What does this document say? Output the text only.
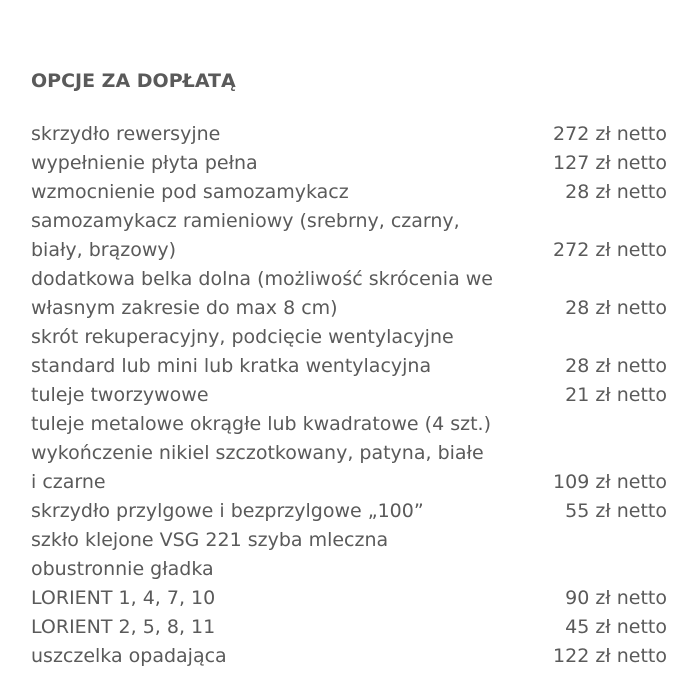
OPCJE ZA DOPŁATĄ
skrzydło rewersyjne	272 zł netto
wypełnienie płyta pełna	127 zł netto
wzmocnienie pod samozamykacz	28 zł netto
samozamykacz ramieniowy (srebrny, czarny,
biały, brązowy)	272 zł netto
dodatkowa belka dolna (możliwość skrócenia we
własnym zakresie do max 8 cm)	28 zł netto
skrót rekuperacyjny, podcięcie wentylacyjne
standard lub mini lub kratka wentylacyjna	28 zł netto
tuleje tworzywowe	21 zł netto
tuleje metalowe okrągłe lub kwadratowe (4 szt.)
wykończenie nikiel szczotkowany, patyna, białe
i czarne	109 zł netto
skrzydło przylgowe i bezprzylgowe „100”	55 zł netto
szkło klejone VSG 221 szyba mleczna
obustronnie gładka
LORIENT 1, 4, 7, 10	90 zł netto
LORIENT 2, 5, 8, 11	45 zł netto
uszczelka opadająca	122 zł netto
